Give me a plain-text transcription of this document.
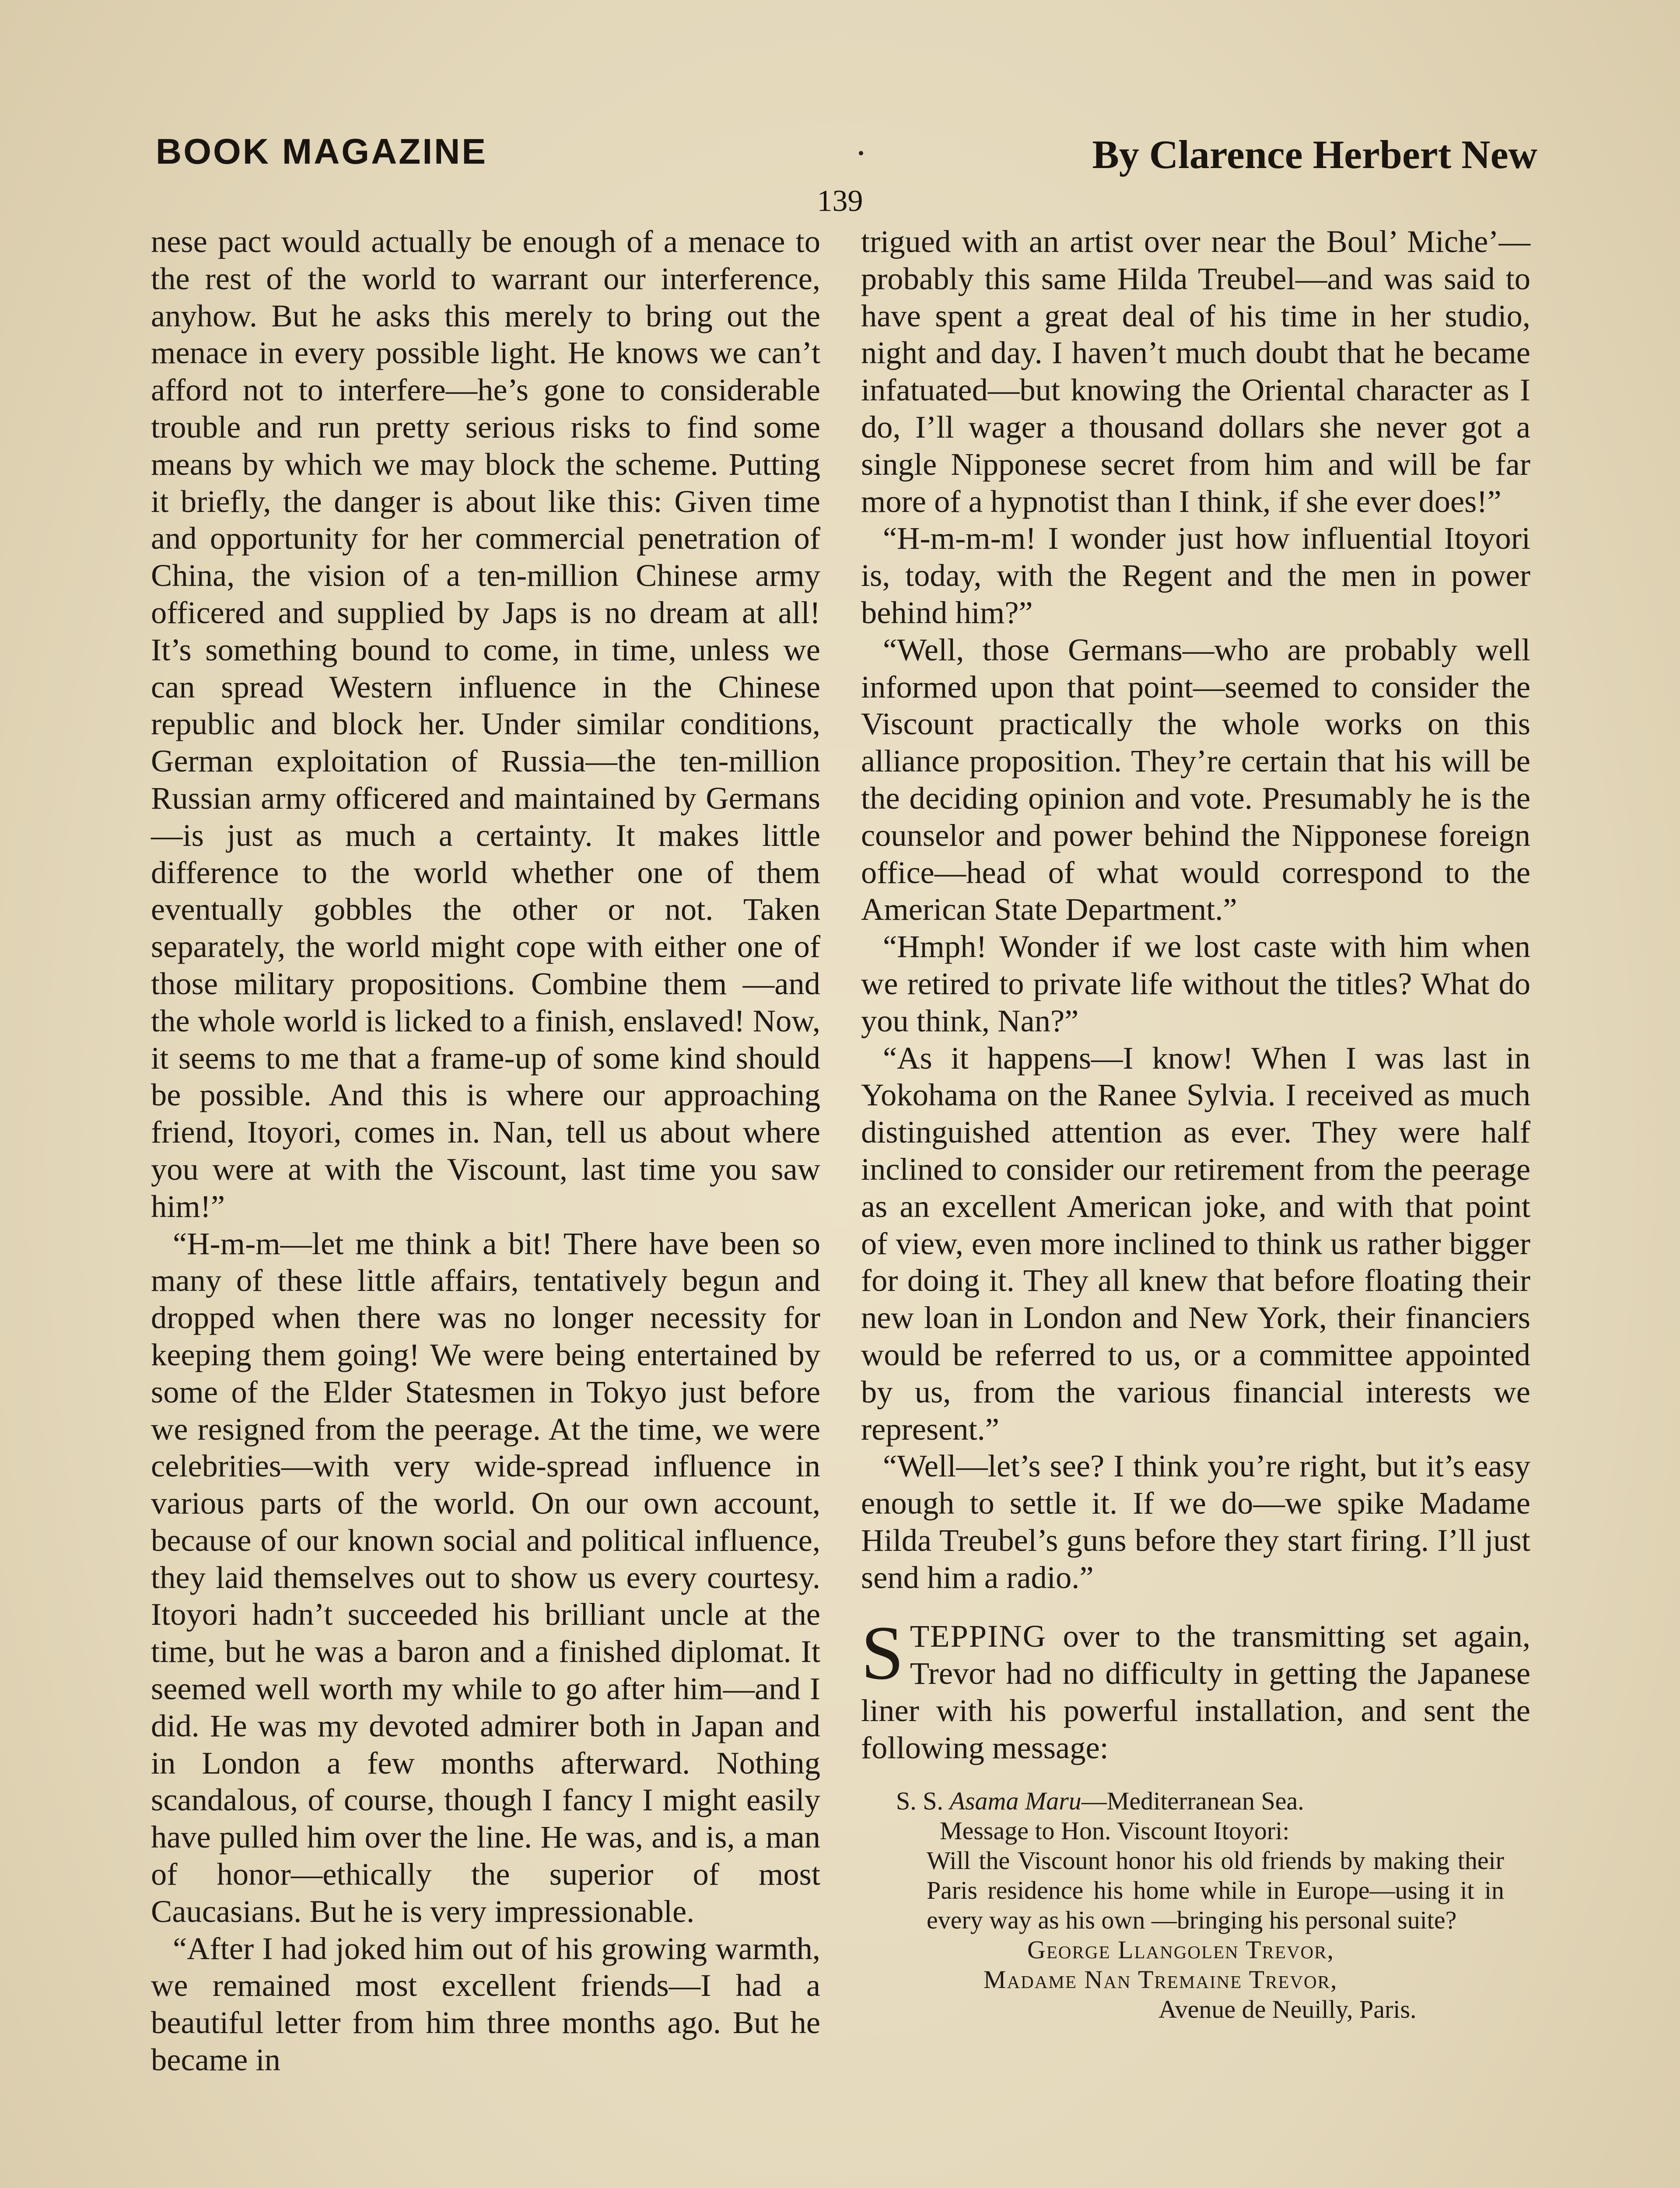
BOOK MAGAZINE	By Clarence Herbert New
139

nese pact would actually be enough of a menace to the rest of the world to warrant our interference, anyhow. But he asks this merely to bring out the menace in every possible light. He knows we can’t afford not to interfere—he’s gone to considerable trouble and run pretty serious risks to find some means by which we may block the scheme. Putting it briefly, the danger is about like this: Given time and opportunity for her commercial penetration of China, the vision of a ten-million Chinese army officered and supplied by Japs is no dream at all! It’s something bound to come, in time, unless we can spread Western influence in the Chinese republic and block her. Under similar conditions, German exploitation of Russia—the ten-million Russian army officered and maintained by Germans—is just as much a certainty. It makes little difference to the world whether one of them eventually gobbles the other or not. Taken separately, the world might cope with either one of those military propositions. Combine them —and the whole world is licked to a finish, enslaved! Now, it seems to me that a frame-up of some kind should be possible. And this is where our approaching friend, Itoyori, comes in. Nan, tell us about where you were at with the Viscount, last time you saw him!”

“H-m-m—let me think a bit! There have been so many of these little affairs, tentatively begun and dropped when there was no longer necessity for keeping them going! We were being entertained by some of the Elder Statesmen in Tokyo just before we resigned from the peerage. At the time, we were celebrities—with very wide-spread influence in various parts of the world. On our own account, because of our known social and political influence, they laid themselves out to show us every courtesy. Itoyori hadn’t succeeded his brilliant uncle at the time, but he was a baron and a finished diplomat. It seemed well worth my while to go after him—and I did. He was my devoted admirer both in Japan and in London a few months afterward. Nothing scandalous, of course, though I fancy I might easily have pulled him over the line. He was, and is, a man of honor—ethically the superior of most Caucasians. But he is very impressionable.

“After I had joked him out of his growing warmth, we remained most excellent friends—I had a beautiful letter from him three months ago. But he became in

trigued with an artist over near the Boul’ Miche’—probably this same Hilda Treubel—and was said to have spent a great deal of his time in her studio, night and day. I haven’t much doubt that he became infatuated—but knowing the Oriental character as I do, I’ll wager a thousand dollars she never got a single Nipponese secret from him and will be far more of a hypnotist than I think, if she ever does!”

“H-m-m-m! I wonder just how influential Itoyori is, today, with the Regent and the men in power behind him?”

“Well, those Germans—who are probably well informed upon that point—seemed to consider the Viscount practically the whole works on this alliance proposition. They’re certain that his will be the deciding opinion and vote. Presumably he is the counselor and power behind the Nipponese foreign office—head of what would correspond to the American State Department.”

“Hmph! Wonder if we lost caste with him when we retired to private life without the titles? What do you think, Nan?”

“As it happens—I know! When I was last in Yokohama on the Ranee Sylvia. I received as much distinguished attention as ever. They were half inclined to consider our retirement from the peerage as an excellent American joke, and with that point of view, even more inclined to think us rather bigger for doing it. They all knew that before floating their new loan in London and New York, their financiers would be referred to us, or a committee appointed by us, from the various financial interests we represent.”

“Well—let’s see? I think you’re right, but it’s easy enough to settle it. If we do—we spike Madame Hilda Treubel’s guns before they start firing. I’ll just send him a radio.”

STEPPING over to the transmitting set again, Trevor had no difficulty in getting the Japanese liner with his powerful installation, and sent the following message:

S. S. Asama Maru—Mediterranean Sea.
Message to Hon. Viscount Itoyori:
Will the Viscount honor his old friends by making their Paris residence his home while in Europe—using it in every way as his own —bringing his personal suite?
George Llangolen Trevor,
Madame Nan Tremaine Trevor,
Avenue de Neuilly, Paris.
